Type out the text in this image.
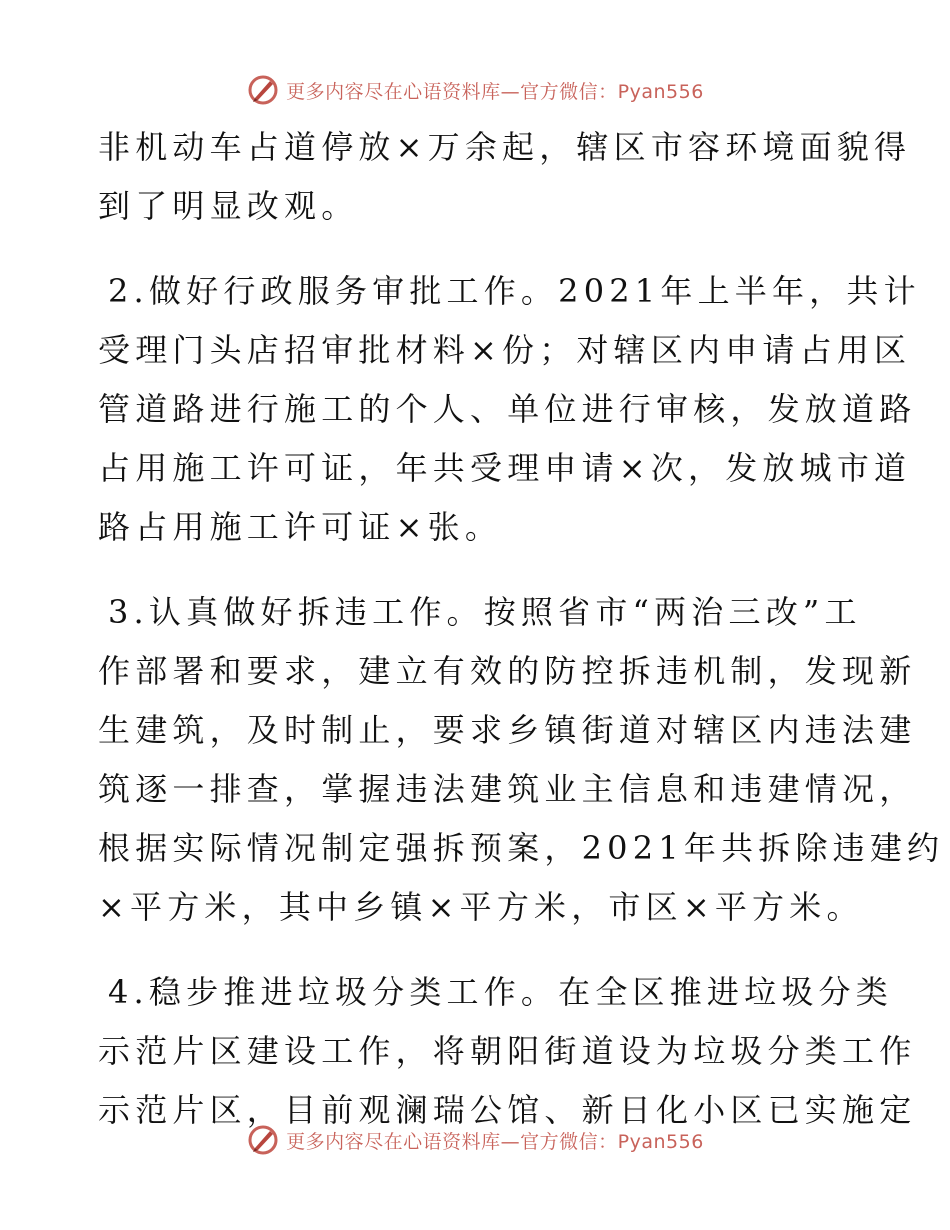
更多内容尽在心语资料库—官方微信：Pyan556
非机动车占道停放×万余起，辖区市容环境面貌得
到了明显改观。
2.做好行政服务审批工作。2021年上半年，共计
受理门头店招审批材料×份；对辖区内申请占用区
管道路进行施工的个人、单位进行审核，发放道路
占用施工许可证，年共受理申请×次，发放城市道
路占用施工许可证×张。
3.认真做好拆违工作。按照省市“两治三改”工
作部署和要求，建立有效的防控拆违机制，发现新
生建筑，及时制止，要求乡镇街道对辖区内违法建
筑逐一排查，掌握违法建筑业主信息和违建情况，
根据实际情况制定强拆预案，2021年共拆除违建约
×平方米，其中乡镇×平方米，市区×平方米。
4.稳步推进垃圾分类工作。在全区推进垃圾分类
示范片区建设工作，将朝阳街道设为垃圾分类工作
示范片区，目前观澜瑞公馆、新日化小区已实施定
更多内容尽在心语资料库—官方微信：Pyan556
